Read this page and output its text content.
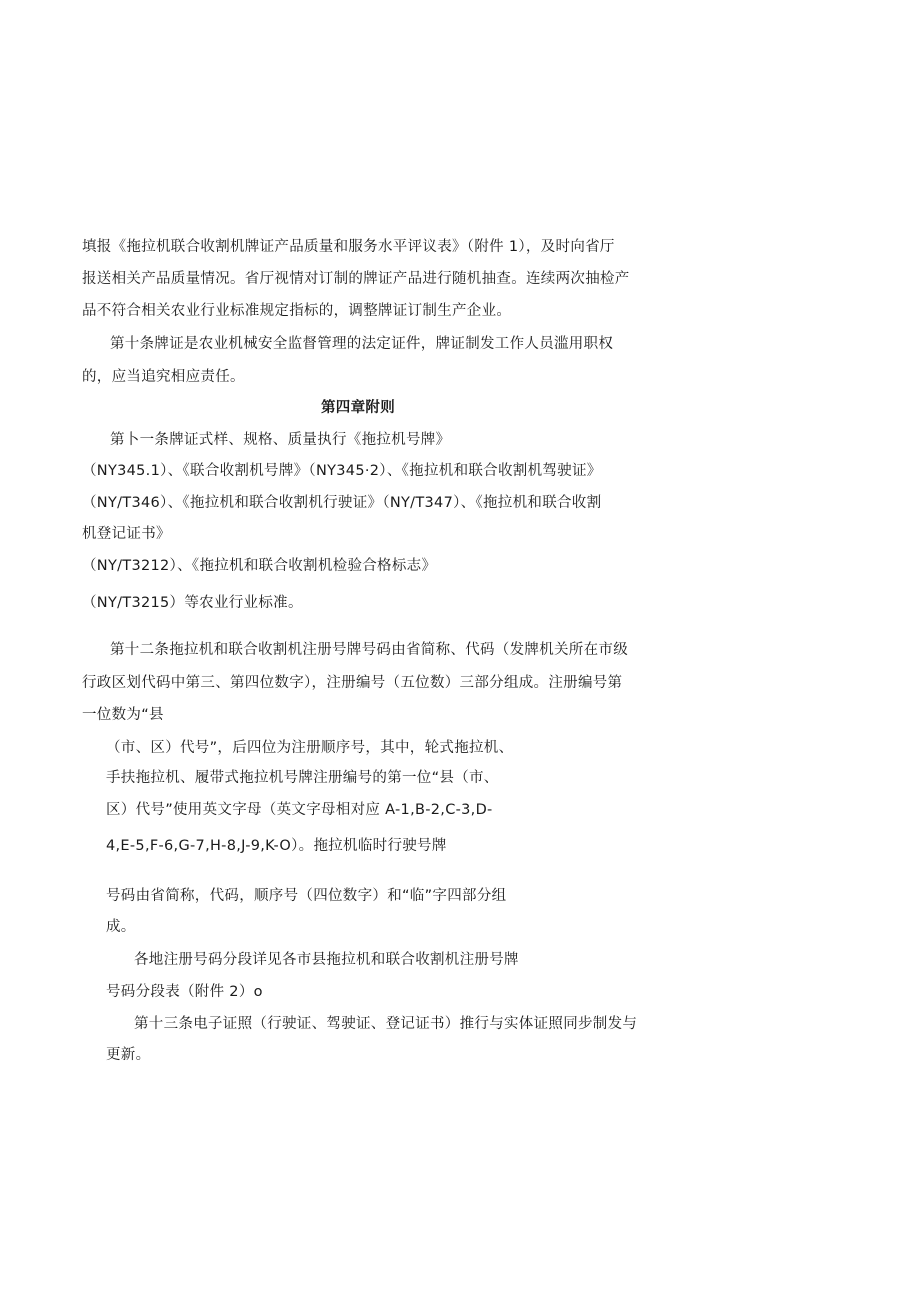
填报《拖拉机联合收割机牌证产品质量和服务水平评议表》（附件 1），及时向省厅
报送相关产品质量情况。省厅视情对订制的牌证产品进行随机抽查。连续两次抽检产
品不符合相关农业行业标准规定指标的，调整牌证订制生产企业。
第十条牌证是农业机械安全监督管理的法定证件，牌证制发工作人员滥用职权
的，应当追究相应责任。
第四章附则
第卜一条牌证式样、规格、质量执行《拖拉机号牌》
（NY345.1）、《联合收割机号牌》（NY345·2）、《拖拉机和联合收割机驾驶证》
（NY/T346）、《拖拉机和联合收割机行驶证》（NY/T347）、《拖拉机和联合收割
机登记证书》
（NY/T3212）、《拖拉机和联合收割机检验合格标志》
（NY/T3215）等农业行业标准。
第十二条拖拉机和联合收割机注册号牌号码由省简称、代码（发牌机关所在市级
行政区划代码中第三、第四位数字），注册编号（五位数）三部分组成。注册编号第
一位数为“县
（市、区）代号”，后四位为注册顺序号，其中，轮式拖拉机、
手扶拖拉机、履带式拖拉机号牌注册编号的第一位“县（市、
区）代号”使用英文字母（英文字母相对应 A-1,B-2,C-3,D-
4,E-5,F-6,G-7,H-8,J-9,K-O）。拖拉机临时行驶号牌
号码由省简称，代码，顺序号（四位数字）和“临”字四部分组
成。
各地注册号码分段详见各市县拖拉机和联合收割机注册号牌
号码分段表（附件 2）o
第十三条电子证照（行驶证、驾驶证、登记证书）推行与实体证照同步制发与
更新。
